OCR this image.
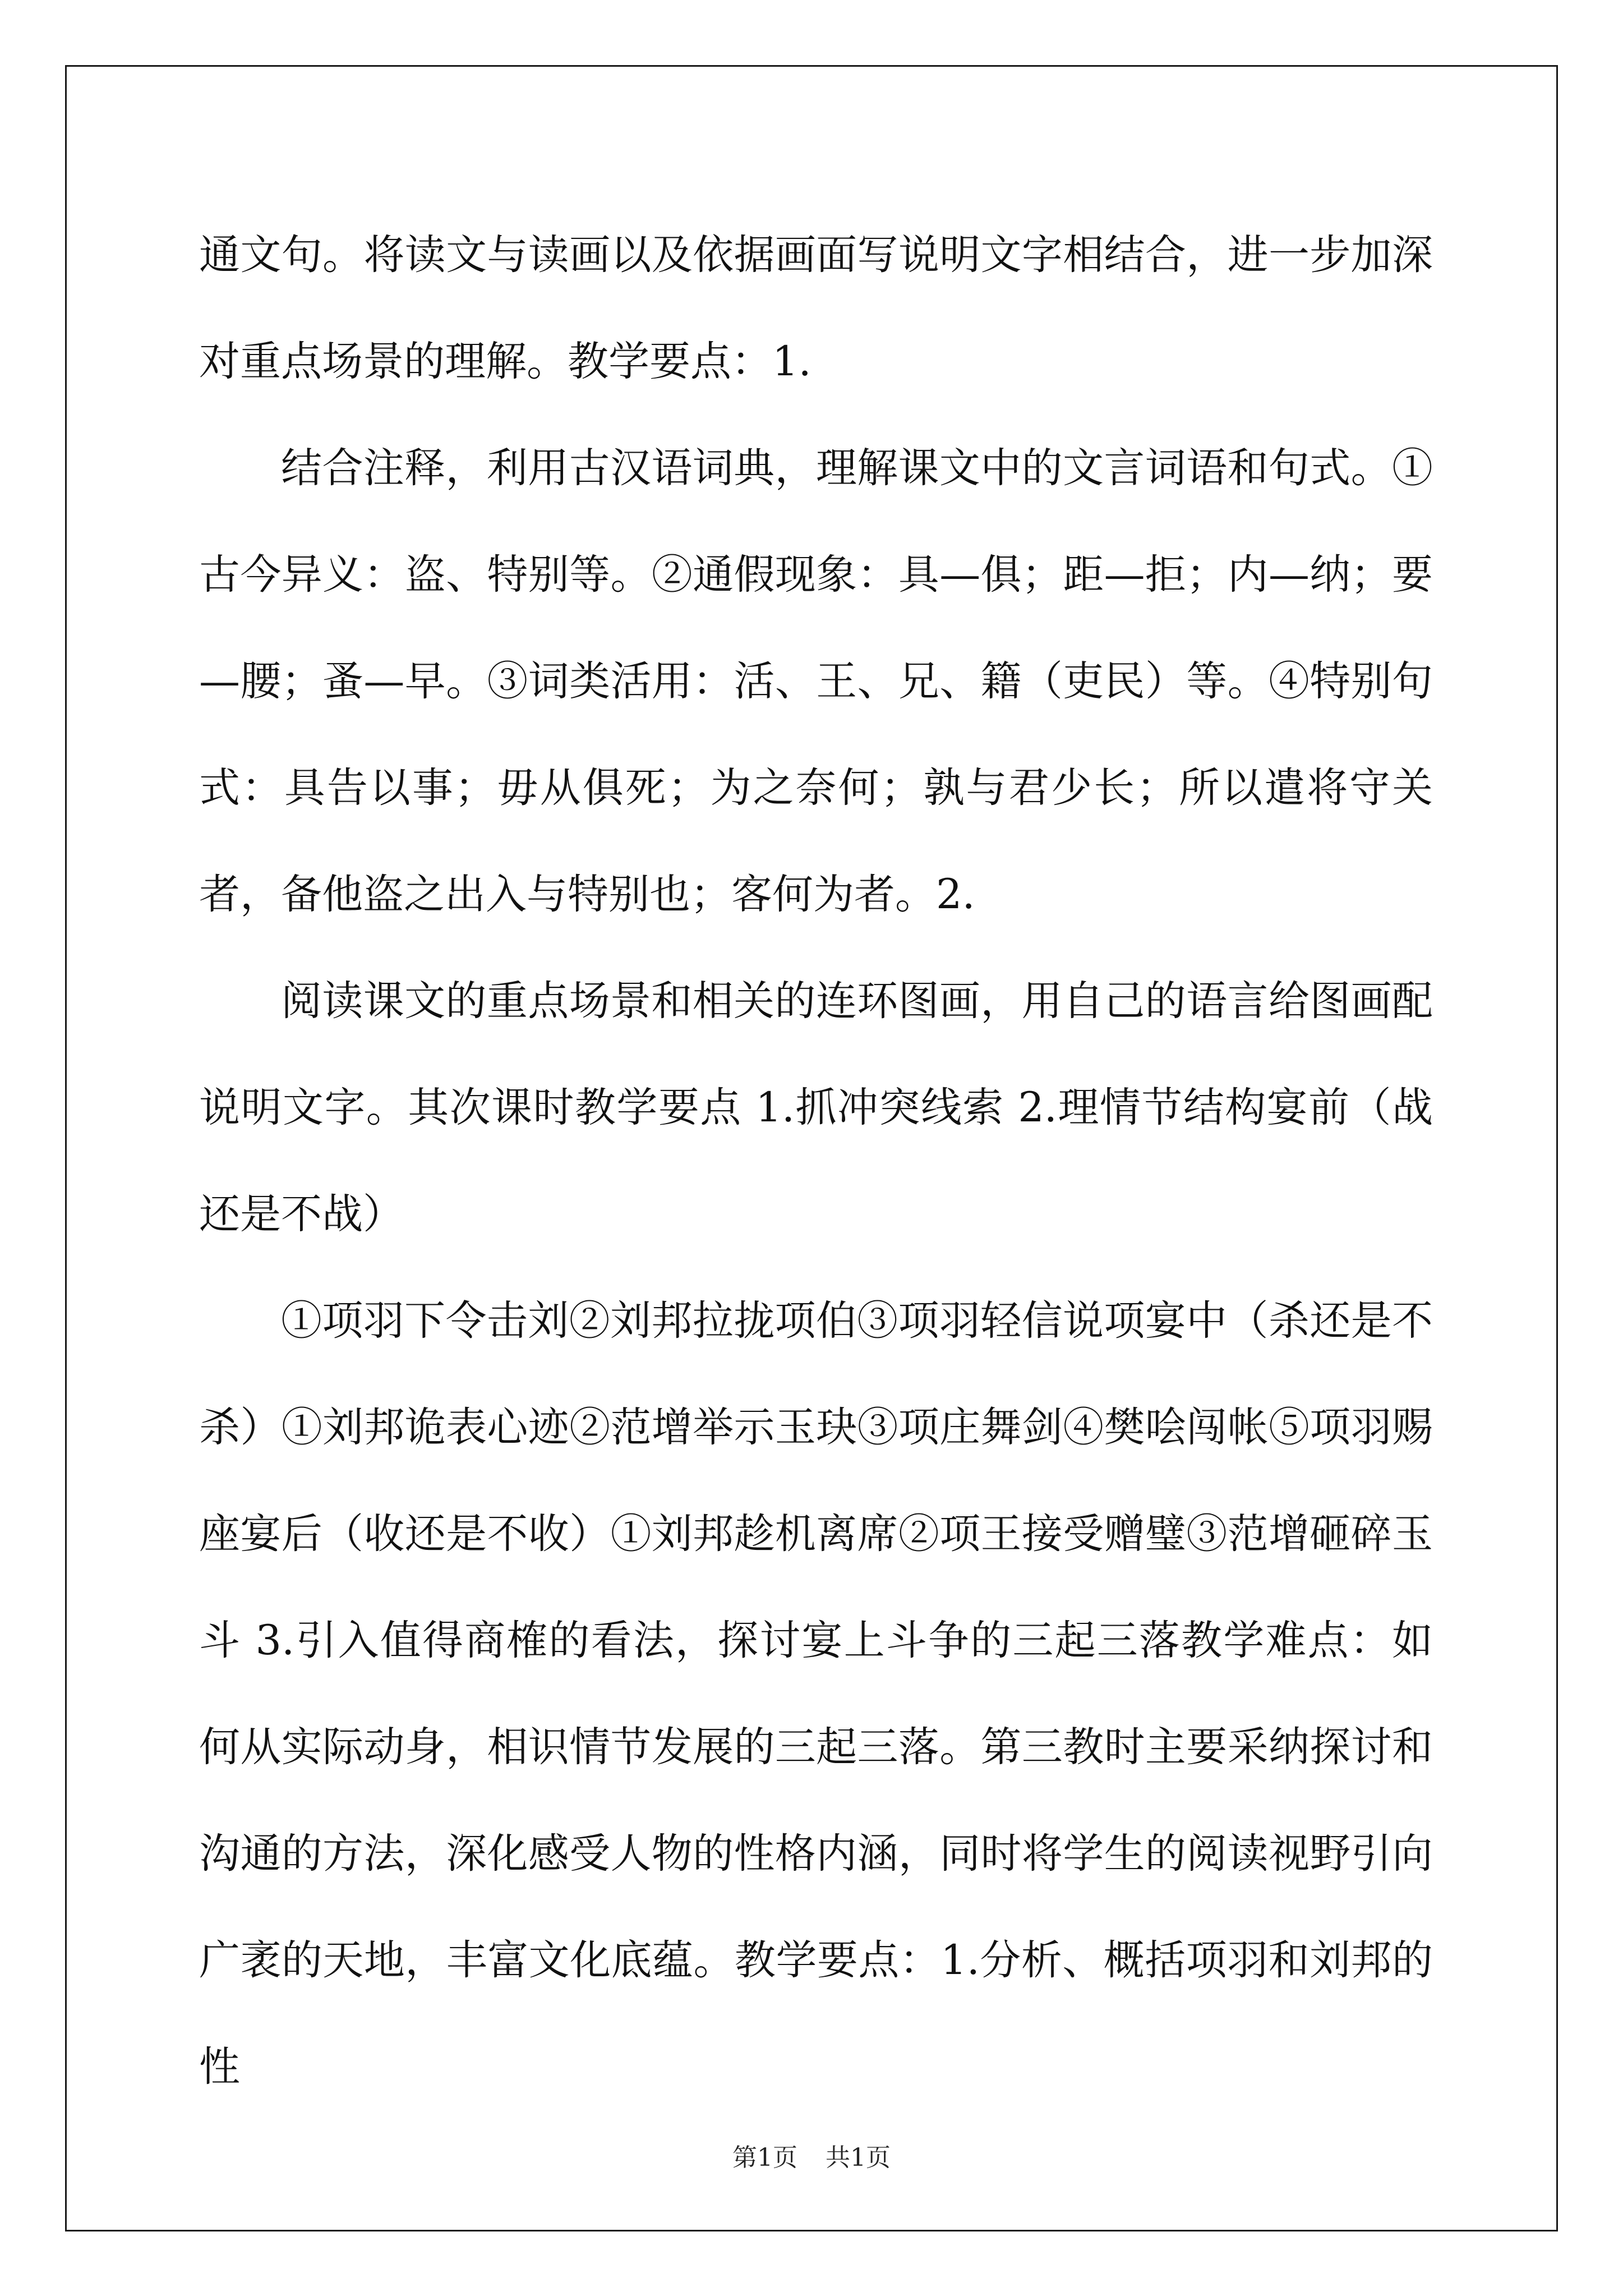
通文句。将读文与读画以及依据画面写说明文字相结合，进一步加深对重点场景的理解。教学要点：1.

结合注释，利用古汉语词典，理解课文中的文言词语和句式。①古今异义：盗、特别等。②通假现象：具—俱；距—拒；内—纳；要—腰；蚤—早。③词类活用：活、王、兄、籍（吏民）等。④特别句式：具告以事；毋从俱死；为之奈何；孰与君少长；所以遣将守关者，备他盗之出入与特别也；客何为者。2.

阅读课文的重点场景和相关的连环图画，用自己的语言给图画配说明文字。其次课时教学要点 1.抓冲突线索 2.理情节结构宴前（战还是不战）

①项羽下令击刘②刘邦拉拢项伯③项羽轻信说项宴中（杀还是不杀）①刘邦诡表心迹②范增举示玉玦③项庄舞剑④樊哙闯帐⑤项羽赐座宴后（收还是不收）①刘邦趁机离席②项王接受赠璧③范增砸碎玉斗 3.引入值得商榷的看法，探讨宴上斗争的三起三落教学难点：如何从实际动身，相识情节发展的三起三落。第三教时主要采纳探讨和沟通的方法，深化感受人物的性格内涵，同时将学生的阅读视野引向广袤的天地，丰富文化底蕴。教学要点：1.分析、概括项羽和刘邦的性

第1页 共1页
